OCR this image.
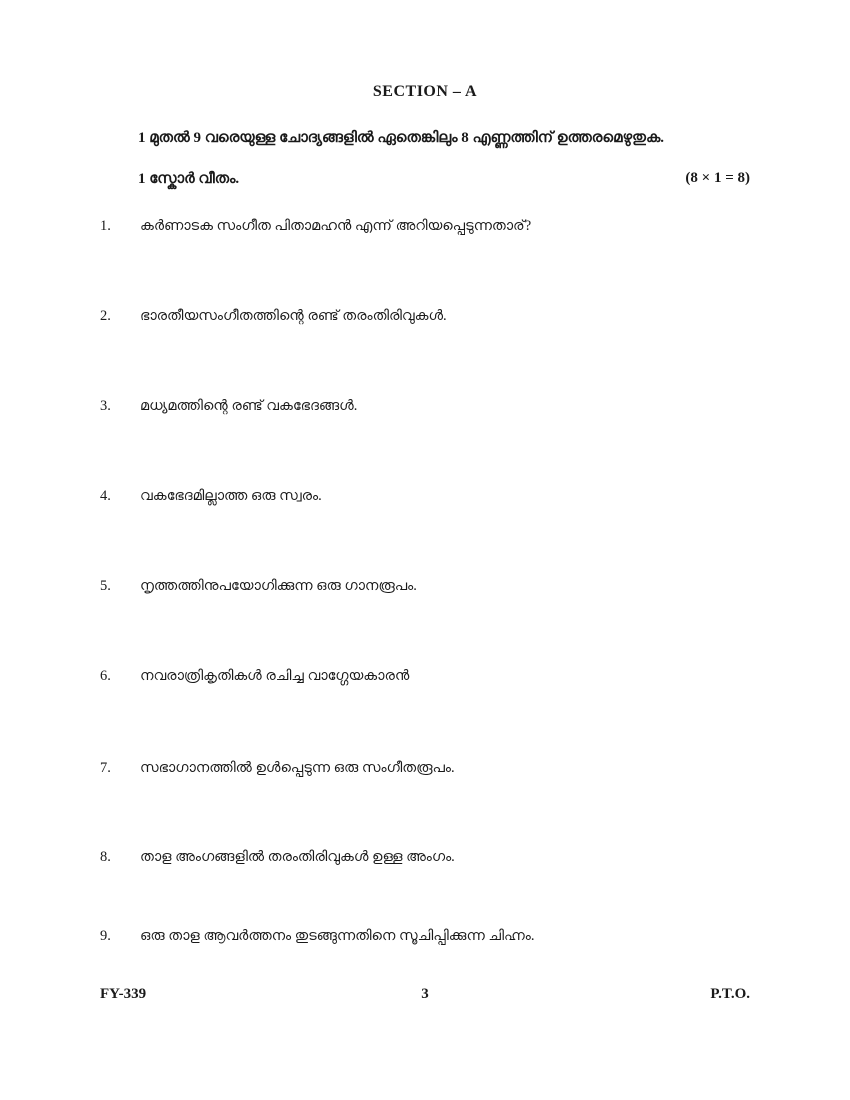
SECTION – A
1 മുതൽ 9 വരെയുള്ള ചോദ്യങ്ങളിൽ ഏതെങ്കിലും 8 എണ്ണത്തിന് ഉത്തരമെഴുതുക.
1 സ്കോർ വീതം.	(8 × 1 = 8)
1. കർണാടക സംഗീത പിതാമഹൻ എന്ന് അറിയപ്പെടുന്നതാര്?
2. ഭാരതീയസംഗീതത്തിന്റെ രണ്ട് തരംതിരിവുകൾ.
3. മധ്യമത്തിന്റെ രണ്ട് വകഭേദങ്ങൾ.
4. വകഭേദമില്ലാത്ത ഒരു സ്വരം.
5. നൃത്തത്തിനുപയോഗിക്കുന്ന ഒരു ഗാനരൂപം.
6. നവരാത്രികൃതികൾ രചിച്ച വാഗ്ഗേയകാരൻ
7. സഭാഗാനത്തിൽ ഉൾപ്പെടുന്ന ഒരു സംഗീതരൂപം.
8. താള അംഗങ്ങളിൽ തരംതിരിവുകൾ ഉള്ള അംഗം.
9. ഒരു താള ആവർത്തനം തുടങ്ങുന്നതിനെ സൂചിപ്പിക്കുന്ന ചിഹ്നം.
FY-339	3	P.T.O.
